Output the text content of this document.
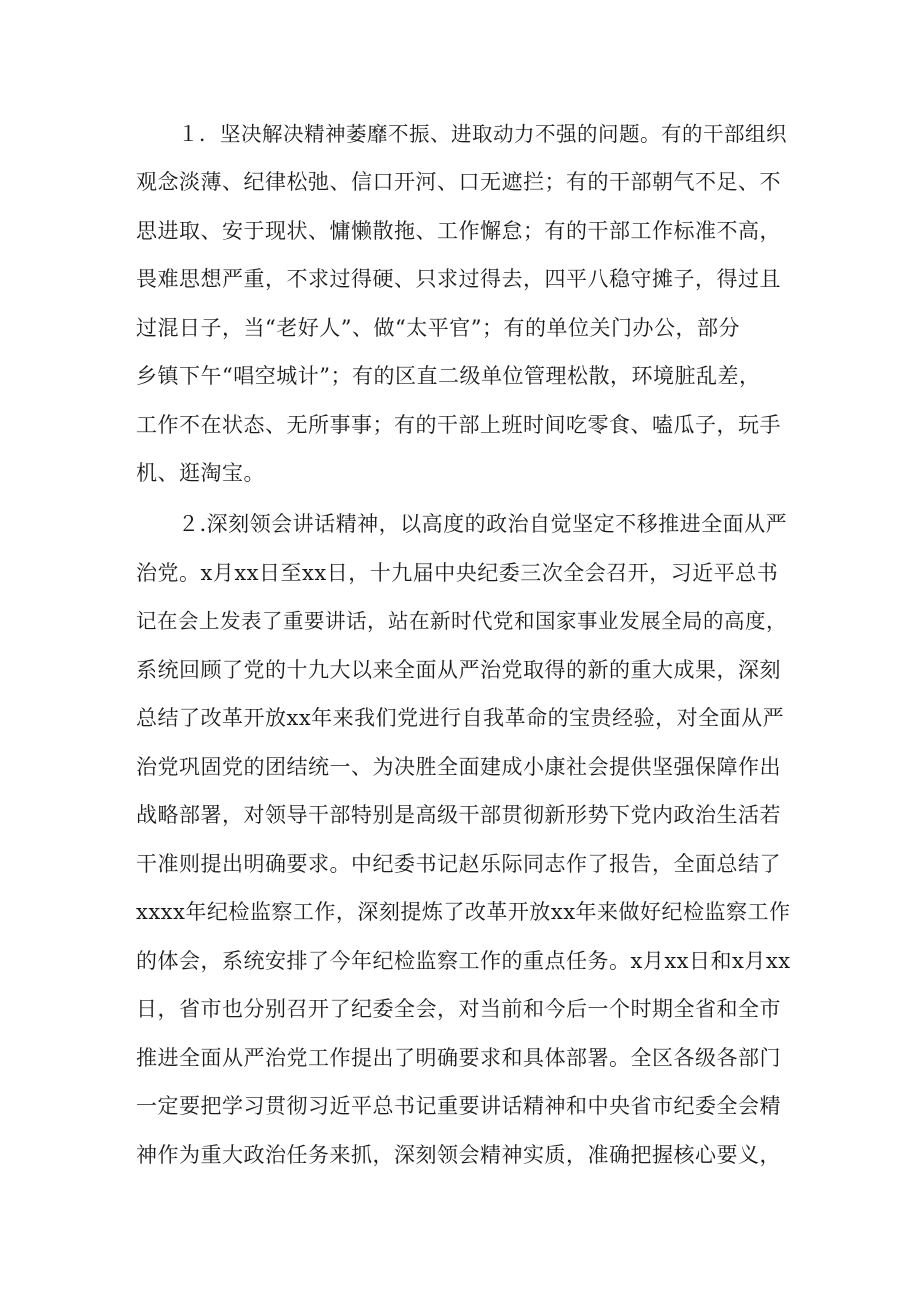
１．坚决解决精神萎靡不振、进取动力不强的问题。有的干部组织
观念淡薄、纪律松弛、信口开河、口无遮拦；有的干部朝气不足、不
思进取、安于现状、慵懒散拖、工作懈怠；有的干部工作标准不高，
畏难思想严重，不求过得硬、只求过得去，四平八稳守摊子，得过且
过混日子，当“老好人”、做“太平官”；有的单位关门办公，部分
乡镇下午“唱空城计”；有的区直二级单位管理松散，环境脏乱差，
工作不在状态、无所事事；有的干部上班时间吃零食、嗑瓜子，玩手
机、逛淘宝。
２.深刻领会讲话精神，以高度的政治自觉坚定不移推进全面从严
治党。x月xx日至xx日，十九届中央纪委三次全会召开，习近平总书
记在会上发表了重要讲话，站在新时代党和国家事业发展全局的高度，
系统回顾了党的十九大以来全面从严治党取得的新的重大成果，深刻
总结了改革开放xx年来我们党进行自我革命的宝贵经验，对全面从严
治党巩固党的团结统一、为决胜全面建成小康社会提供坚强保障作出
战略部署，对领导干部特别是高级干部贯彻新形势下党内政治生活若
干准则提出明确要求。中纪委书记赵乐际同志作了报告，全面总结了
xxxx年纪检监察工作，深刻提炼了改革开放xx年来做好纪检监察工作
的体会，系统安排了今年纪检监察工作的重点任务。x月xx日和x月xx
日，省市也分别召开了纪委全会，对当前和今后一个时期全省和全市
推进全面从严治党工作提出了明确要求和具体部署。全区各级各部门
一定要把学习贯彻习近平总书记重要讲话精神和中央省市纪委全会精
神作为重大政治任务来抓，深刻领会精神实质，准确把握核心要义，
